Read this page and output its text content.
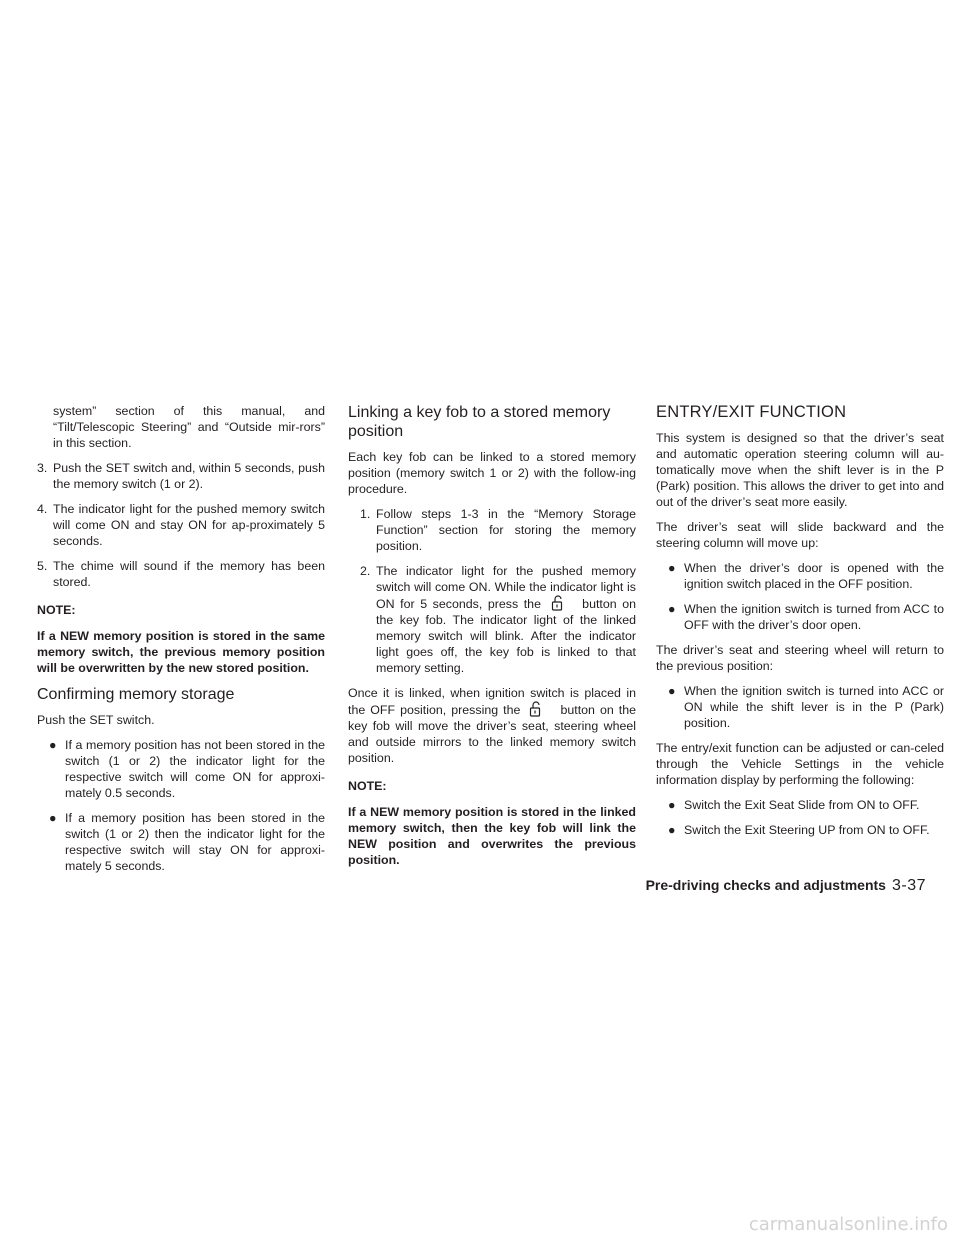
system” section of this manual, and “Tilt/Telescopic Steering” and “Outside mir-rors” in this section.

3. Push the SET switch and, within 5 seconds, push the memory switch (1 or 2).
4. The indicator light for the pushed memory switch will come ON and stay ON for ap-proximately 5 seconds.
5. The chime will sound if the memory has been stored.

NOTE:

If a NEW memory position is stored in the same memory switch, the previous memory position will be overwritten by the new stored position.

Confirming memory storage

Push the SET switch.

● If a memory position has not been stored in the switch (1 or 2) the indicator light for the respective switch will come ON for approxi-mately 0.5 seconds.
● If a memory position has been stored in the switch (1 or 2) then the indicator light for the respective switch will stay ON for approxi-mately 5 seconds.
Linking a key fob to a stored memory position

Each key fob can be linked to a stored memory position (memory switch 1 or 2) with the follow-ing procedure.

1. Follow steps 1-3 in the “Memory Storage Function” section for storing the memory position.
2. The indicator light for the pushed memory switch will come ON. While the indicator light is ON for 5 seconds, press the	button on the key fob. The indicator light of the linked memory switch will blink. After the indicator light goes off, the key fob is linked to that memory setting.

Once it is linked, when ignition switch is placed in the OFF position, pressing the	button on the key fob will move the driver’s seat, steering wheel and outside mirrors to the linked memory switch position.

NOTE:

If a NEW memory position is stored in the linked memory switch, then the key fob will link the NEW position and overwrites the previous position.

ENTRY/EXIT FUNCTION

This system is designed so that the driver’s seat and automatic operation steering column will au-tomatically move when the shift lever is in the P (Park) position. This allows the driver to get into and out of the driver’s seat more easily.

The driver’s seat will slide backward and the steering column will move up:

● When the driver’s door is opened with the ignition switch placed in the OFF position.
● When the ignition switch is turned from ACC to OFF with the driver’s door open.

The driver’s seat and steering wheel will return to the previous position:

● When the ignition switch is turned into ACC or ON while the shift lever is in the P (Park) position.

The entry/exit function can be adjusted or can-celed through the Vehicle Settings in the vehicle information display by performing the following:

● Switch the Exit Seat Slide from ON to OFF.
● Switch the Exit Steering UP from ON to OFF.
Pre-driving checks and adjustments 3-37
carmanualsonline.info
